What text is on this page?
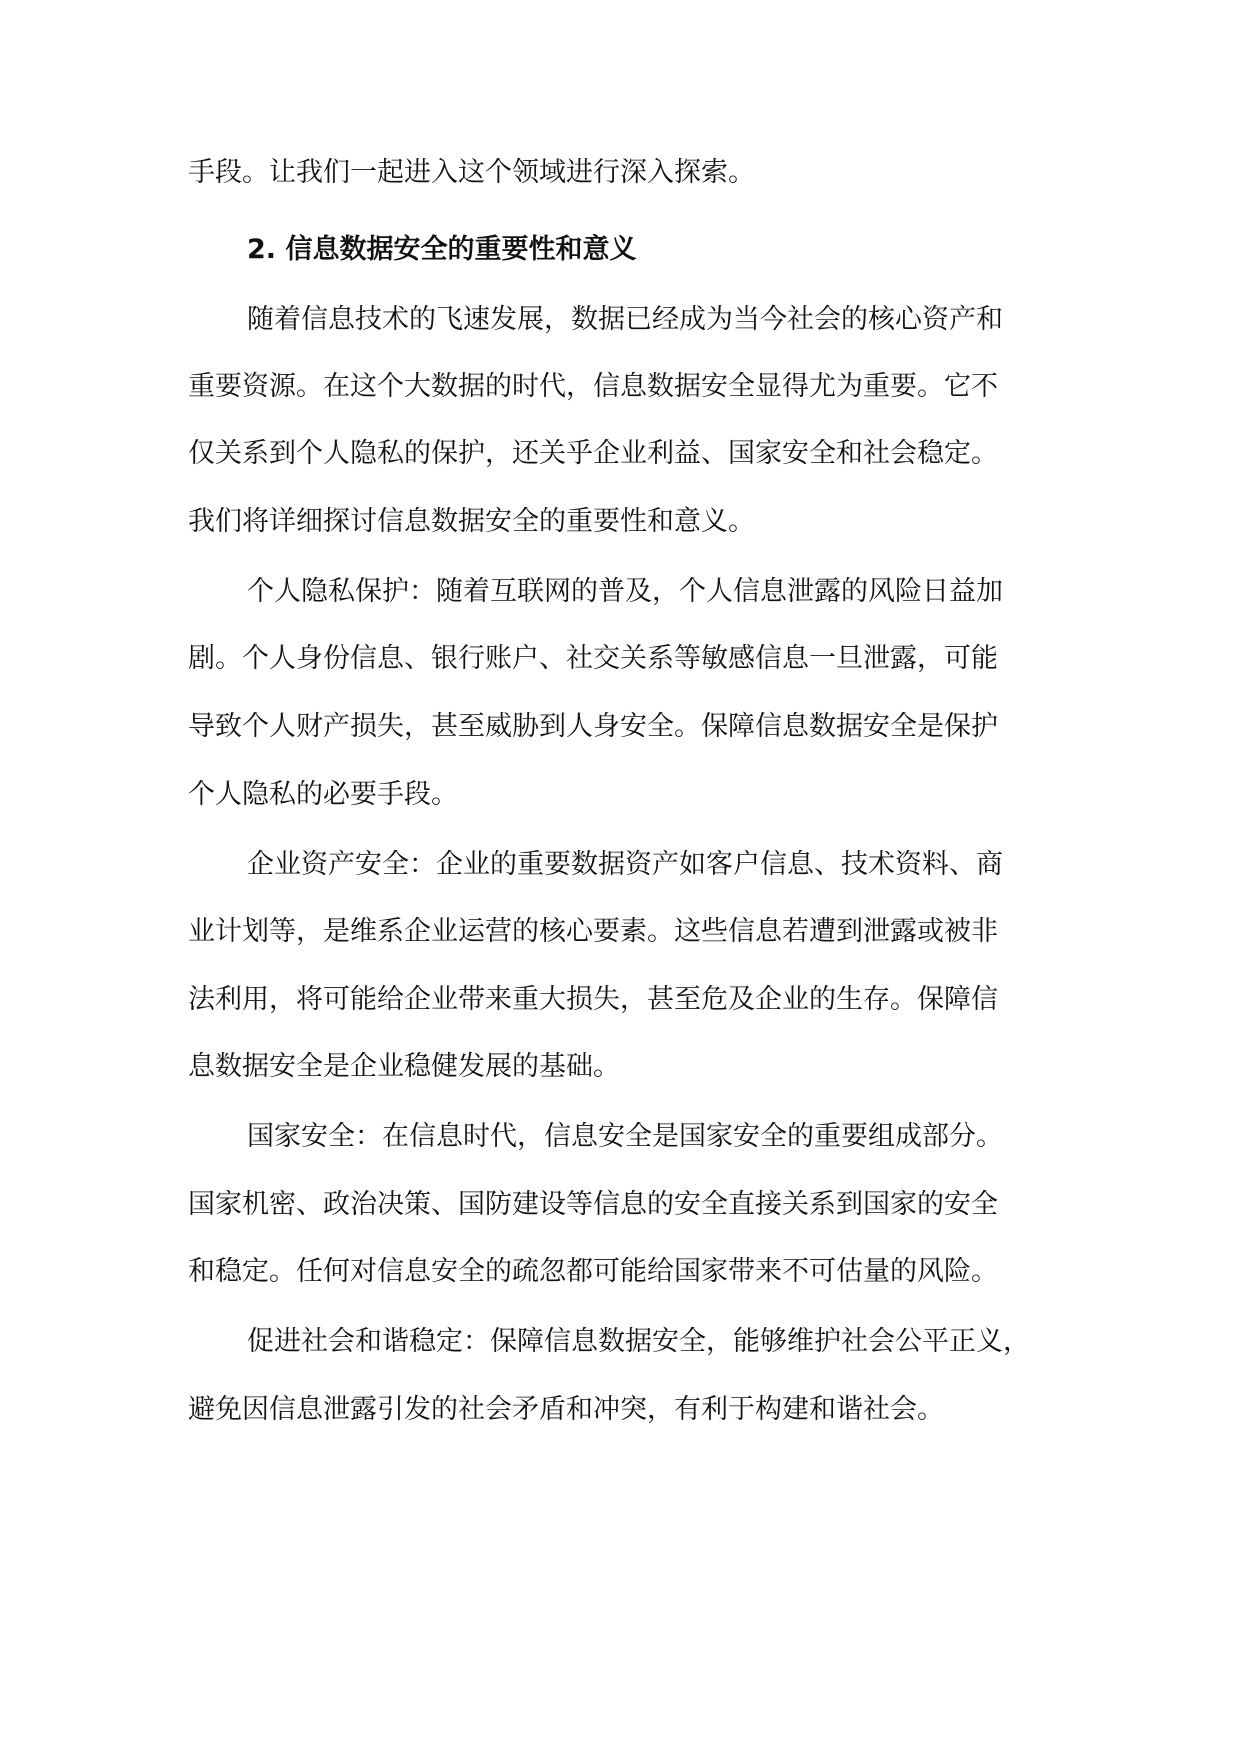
手段。让我们一起进入这个领域进行深入探索。
2. 信息数据安全的重要性和意义
随着信息技术的飞速发展，数据已经成为当今社会的核心资产和
重要资源。在这个大数据的时代，信息数据安全显得尤为重要。它不
仅关系到个人隐私的保护，还关乎企业利益、国家安全和社会稳定。
我们将详细探讨信息数据安全的重要性和意义。
个人隐私保护：随着互联网的普及，个人信息泄露的风险日益加
剧。个人身份信息、银行账户、社交关系等敏感信息一旦泄露，可能
导致个人财产损失，甚至威胁到人身安全。保障信息数据安全是保护
个人隐私的必要手段。
企业资产安全：企业的重要数据资产如客户信息、技术资料、商
业计划等，是维系企业运营的核心要素。这些信息若遭到泄露或被非
法利用，将可能给企业带来重大损失，甚至危及企业的生存。保障信
息数据安全是企业稳健发展的基础。
国家安全：在信息时代，信息安全是国家安全的重要组成部分。
国家机密、政治决策、国防建设等信息的安全直接关系到国家的安全
和稳定。任何对信息安全的疏忽都可能给国家带来不可估量的风险。
促进社会和谐稳定：保障信息数据安全，能够维护社会公平正义，
避免因信息泄露引发的社会矛盾和冲突，有利于构建和谐社会。
